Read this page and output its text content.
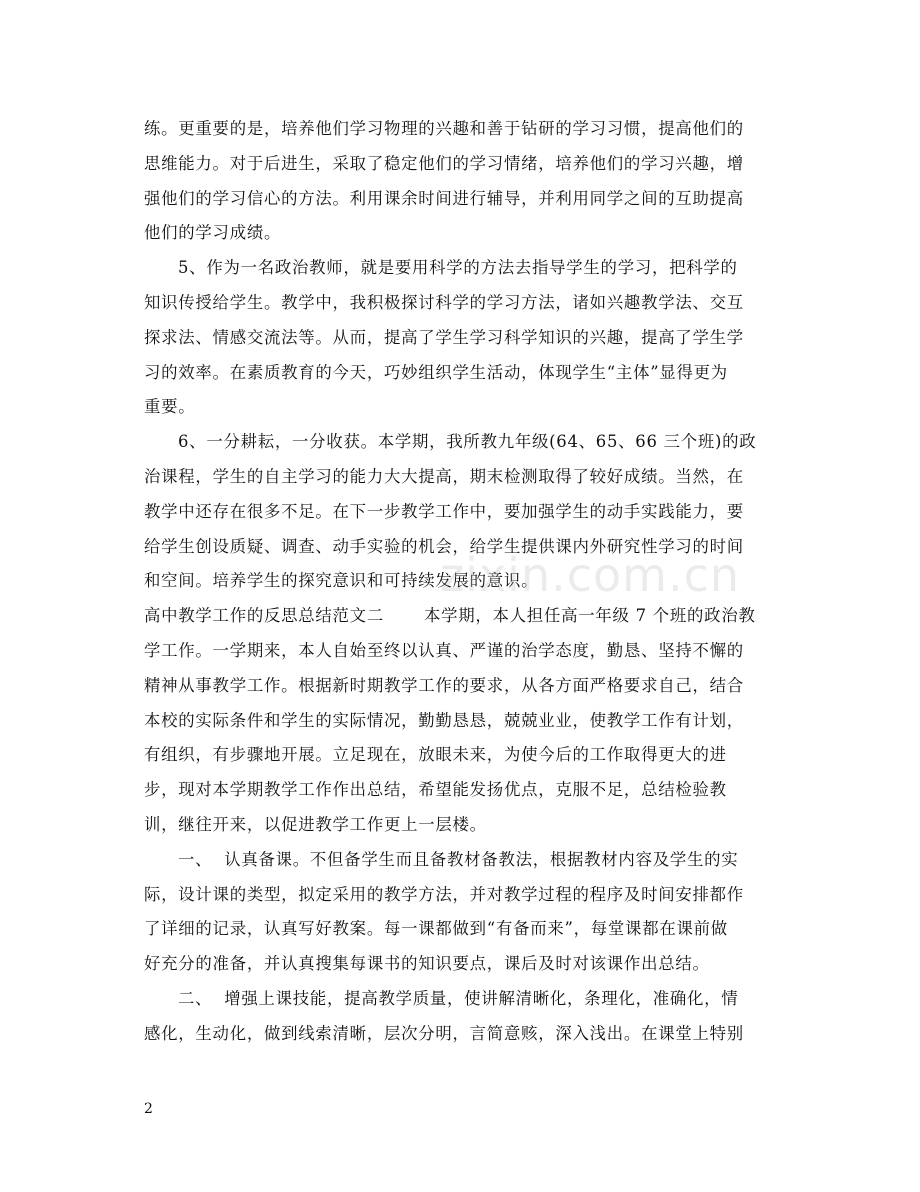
练。更重要的是，培养他们学习物理的兴趣和善于钻研的学习习惯，提高他们的
思维能力。对于后进生，采取了稳定他们的学习情绪，培养他们的学习兴趣，增
强他们的学习信心的方法。利用课余时间进行辅导，并利用同学之间的互助提高
他们的学习成绩。
5、作为一名政治教师，就是要用科学的方法去指导学生的学习，把科学的
知识传授给学生。教学中，我积极探讨科学的学习方法，诸如兴趣教学法、交互
探求法、情感交流法等。从而，提高了学生学习科学知识的兴趣，提高了学生学
习的效率。在素质教育的今天，巧妙组织学生活动，体现学生“主体”显得更为
重要。
6、一分耕耘，一分收获。本学期，我所教九年级(64、65、66 三个班)的政
治课程，学生的自主学习的能力大大提高，期末检测取得了较好成绩。当然，在
教学中还存在很多不足。在下一步教学工作中，要加强学生的动手实践能力，要
给学生创设质疑、调查、动手实验的机会，给学生提供课内外研究性学习的时间
和空间。培养学生的探究意识和可持续发展的意识。
高中教学工作的反思总结范文二 本学期，本人担任高一年级 7 个班的政治教
学工作。一学期来，本人自始至终以认真、严谨的治学态度，勤恳、坚持不懈的
精神从事教学工作。根据新时期教学工作的要求，从各方面严格要求自己，结合
本校的实际条件和学生的实际情况，勤勤恳恳，兢兢业业，使教学工作有计划，
有组织，有步骤地开展。立足现在，放眼未来，为使今后的工作取得更大的进
步，现对本学期教学工作作出总结，希望能发扬优点，克服不足，总结检验教
训，继往开来，以促进教学工作更上一层楼。
一、  认真备课。不但备学生而且备教材备教法，根据教材内容及学生的实
际，设计课的类型，拟定采用的教学方法，并对教学过程的程序及时间安排都作
了详细的记录，认真写好教案。每一课都做到“有备而来”，每堂课都在课前做
好充分的准备，并认真搜集每课书的知识要点，课后及时对该课作出总结。
二、  增强上课技能，提高教学质量，使讲解清晰化，条理化，准确化，情
感化，生动化，做到线索清晰，层次分明，言简意赅，深入浅出。在课堂上特别
zixin.com.cn
2
